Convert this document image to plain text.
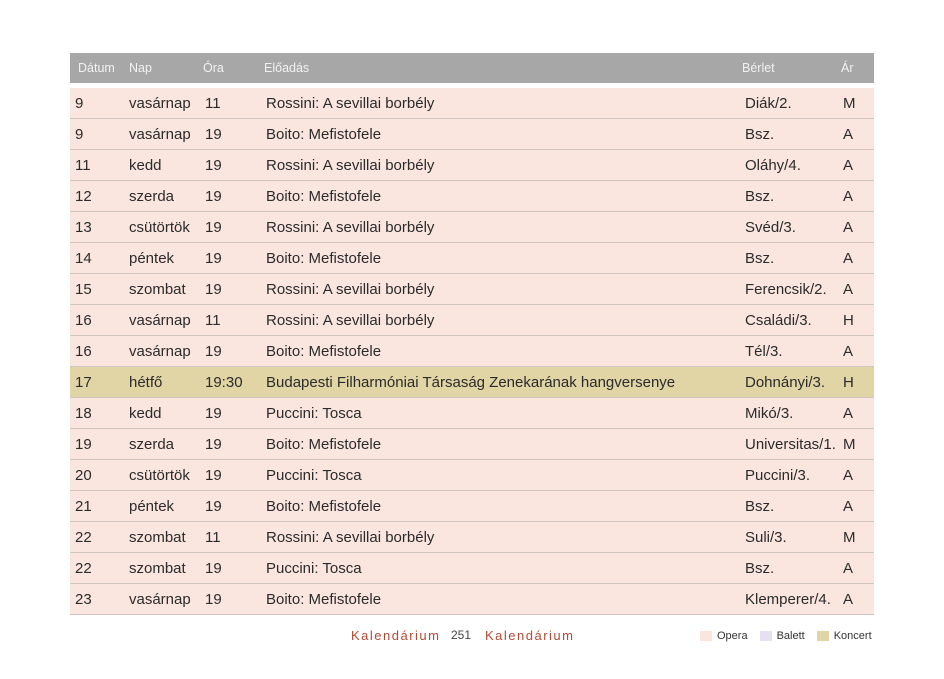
Dátum	Nap	Óra	Előadás	Bérlet	Ár
9	vasárnap 11	Rossini: A sevillai borbély	Diák/2.	M
9	vasárnap 19	Boito: Mefistofele	Bsz.	A
11	kedd	19	Rossini: A sevillai borbély	Oláhy/4.	A
12	szerda	19	Boito: Mefistofele	Bsz.	A
13	csütörtök	19	Rossini: A sevillai borbély	Svéd/3.	A
14	péntek	19	Boito: Mefistofele	Bsz.	A
15	szombat	19	Rossini: A sevillai borbély	Ferencsik/2.	A
16	vasárnap 11	Rossini: A sevillai borbély	Családi/3.	H
16	vasárnap 19	Boito: Mefistofele	Tél/3.	A
17	hétfő	19:30	Budapesti Filharmóniai Társaság Zenekarának hangversenye	Dohnányi/3.	H
18	kedd	19	Puccini: Tosca	Mikó/3.	A
19	szerda	19	Boito: Mefistofele	Universitas/1. M
20	csütörtök	19	Puccini: Tosca	Puccini/3.	A
21	péntek	19	Boito: Mefistofele	Bsz.	A
22	szombat	11	Rossini: A sevillai borbély	Suli/3.	M
22	szombat	19	Puccini: Tosca	Bsz.	A
23	vasárnap 19	Boito: Mefistofele	Klemperer/4. A
Kalendárium 251 Kalendárium	Opera	Balett	Koncert
